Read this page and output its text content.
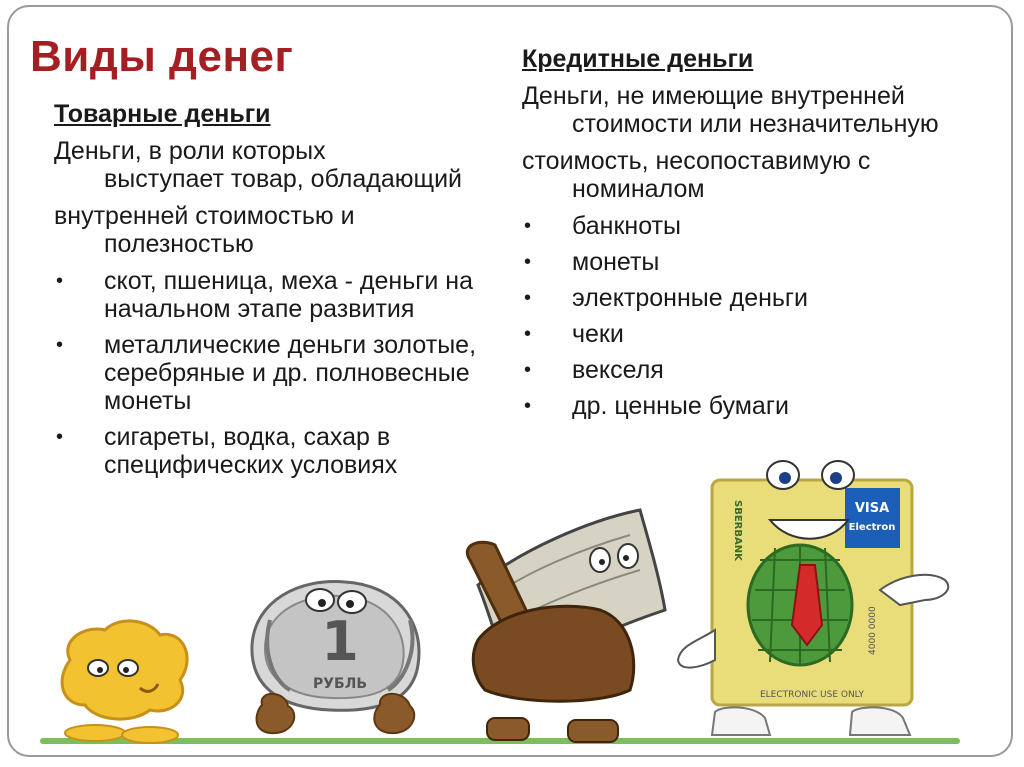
Виды денег
Товарные деньги
Деньги, в роли которых
выступает товар, обладающий
внутренней стоимостью и
полезностью
• скот, пшеница, меха - деньги на начальном этапе развития
• металлические деньги золотые, серебряные и др. полновесные монеты
• сигареты, водка, сахар в специфических условиях
Кредитные деньги
Деньги, не имеющие внутренней
стоимости или незначительную
стоимость, несопоставимую с
номиналом
• банкноты
• монеты
• электронные деньги
• чеки
• векселя
• др. ценные бумаги
1
РУБЛЬ
VISA
Electron
SBERBANK
ELECTRONIC USE ONLY
4000 0000
